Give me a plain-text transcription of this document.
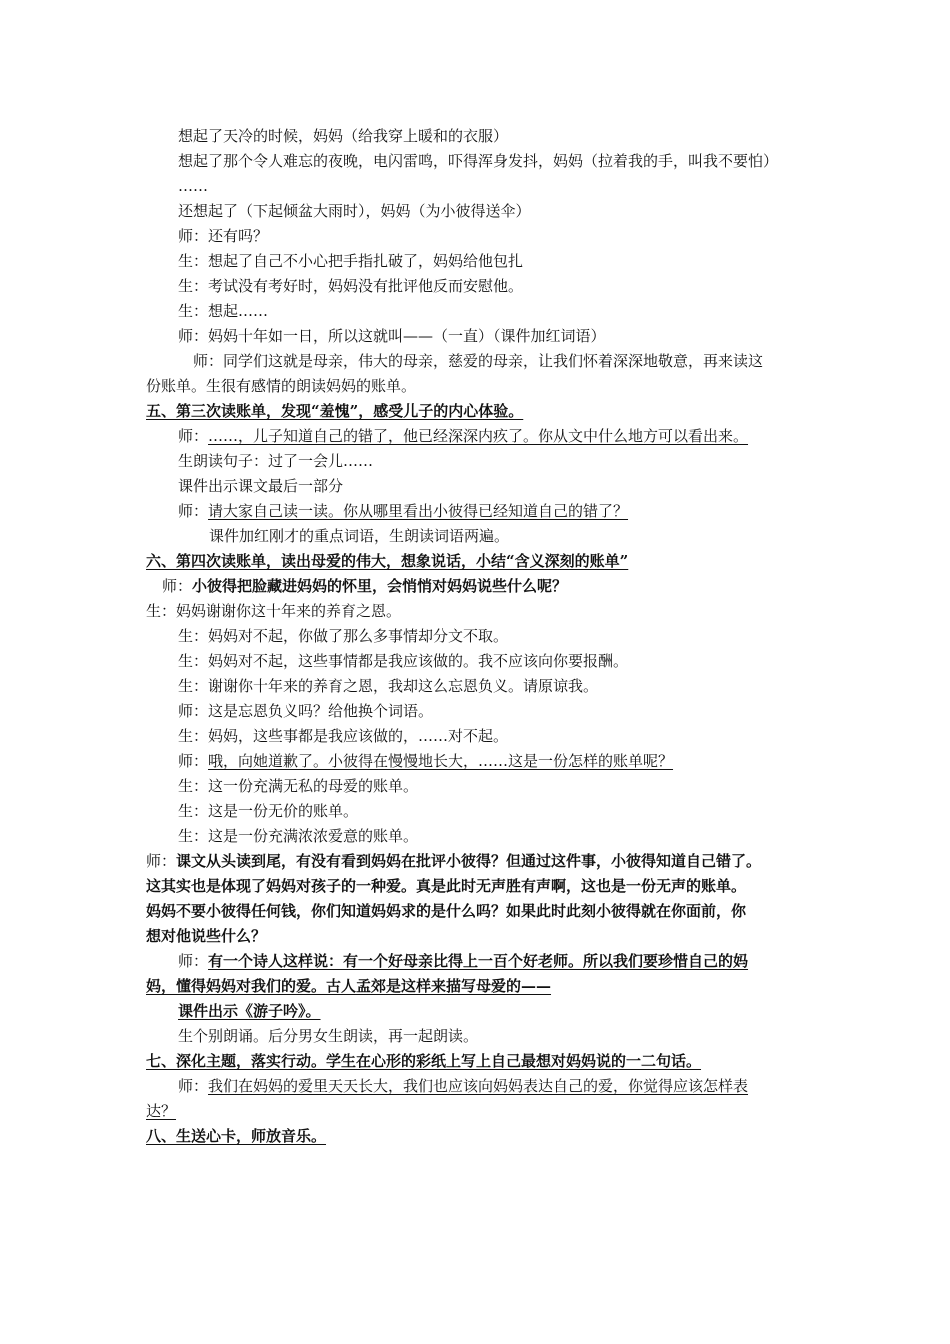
想起了天冷的时候，妈妈（给我穿上暖和的衣服）
想起了那个令人难忘的夜晚，电闪雷鸣，吓得浑身发抖，妈妈（拉着我的手，叫我不要怕）
……
还想起了（下起倾盆大雨时），妈妈（为小彼得送伞）
师：还有吗？
生：想起了自己不小心把手指扎破了，妈妈给他包扎
生：考试没有考好时，妈妈没有批评他反而安慰他。
生：想起……
师：妈妈十年如一日，所以这就叫——（一直）（课件加红词语）
师：同学们这就是母亲，伟大的母亲，慈爱的母亲，让我们怀着深深地敬意，再来读这
份账单。生很有感情的朗读妈妈的账单。
五、第三次读账单，发现“羞愧”，感受儿子的内心体验。
师：……，儿子知道自己的错了，他已经深深内疚了。你从文中什么地方可以看出来。
生朗读句子：过了一会儿……
课件出示课文最后一部分
师：请大家自己读一读。你从哪里看出小彼得已经知道自己的错了？
课件加红刚才的重点词语，生朗读词语两遍。
六、第四次读账单，读出母爱的伟大，想象说话，小结“含义深刻的账单”
师：小彼得把脸藏进妈妈的怀里，会悄悄对妈妈说些什么呢？
生：妈妈谢谢你这十年来的养育之恩。
生：妈妈对不起，你做了那么多事情却分文不取。
生：妈妈对不起，这些事情都是我应该做的。我不应该向你要报酬。
生：谢谢你十年来的养育之恩，我却这么忘恩负义。请原谅我。
师：这是忘恩负义吗？给他换个词语。
生：妈妈，这些事都是我应该做的，……对不起。
师：哦，向她道歉了。小彼得在慢慢地长大，……这是一份怎样的账单呢？
生：这一份充满无私的母爱的账单。
生：这是一份无价的账单。
生：这是一份充满浓浓爱意的账单。
师：课文从头读到尾，有没有看到妈妈在批评小彼得？但通过这件事，小彼得知道自己错了。
这其实也是体现了妈妈对孩子的一种爱。真是此时无声胜有声啊，这也是一份无声的账单。
妈妈不要小彼得任何钱，你们知道妈妈求的是什么吗？如果此时此刻小彼得就在你面前，你
想对他说些什么？
师：有一个诗人这样说：有一个好母亲比得上一百个好老师。所以我们要珍惜自己的妈
妈，懂得妈妈对我们的爱。古人孟郊是这样来描写母爱的——
课件出示《游子吟》。
生个别朗诵。后分男女生朗读，再一起朗读。
七、深化主题，落实行动。学生在心形的彩纸上写上自己最想对妈妈说的一二句话。
师：我们在妈妈的爱里天天长大，我们也应该向妈妈表达自己的爱，你觉得应该怎样表
达？
八、生送心卡，师放音乐。
